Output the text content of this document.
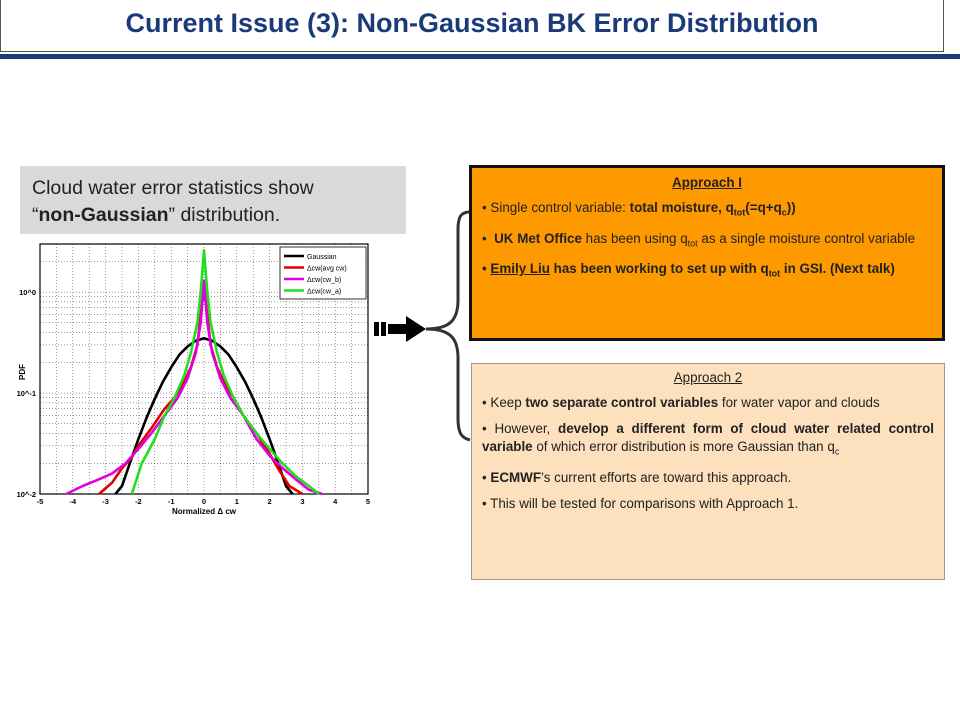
Current Issue (3): Non-Gaussian BK Error Distribution
Cloud water error statistics show
“non-Gaussian” distribution.
-5	-4	-3	-2	-1	0	1	2	3	4	5
10^-2
10^-1
10^0
Normalized Δ cw
PDF
Gaussian
Δcw(avg cw)
Δcw(cw_b)
Δcw(cw_a)
Approach I
• Single control variable: total moisture, $q_{tot}(=q+q_c)$)
•  UK Met Office has been using $q_{tot}$ as a single moisture control variable
• Emily Liu has been working to set up with $q_{tot}$ in GSI. (Next talk)
Approach 2
• Keep two separate control variables for water vapor and clouds
• However, develop a different form of cloud water related control variable of which error distribution is more Gaussian than $q_c$
• ECMWF’s current efforts are toward this approach.
• This will be tested for comparisons with Approach 1.
